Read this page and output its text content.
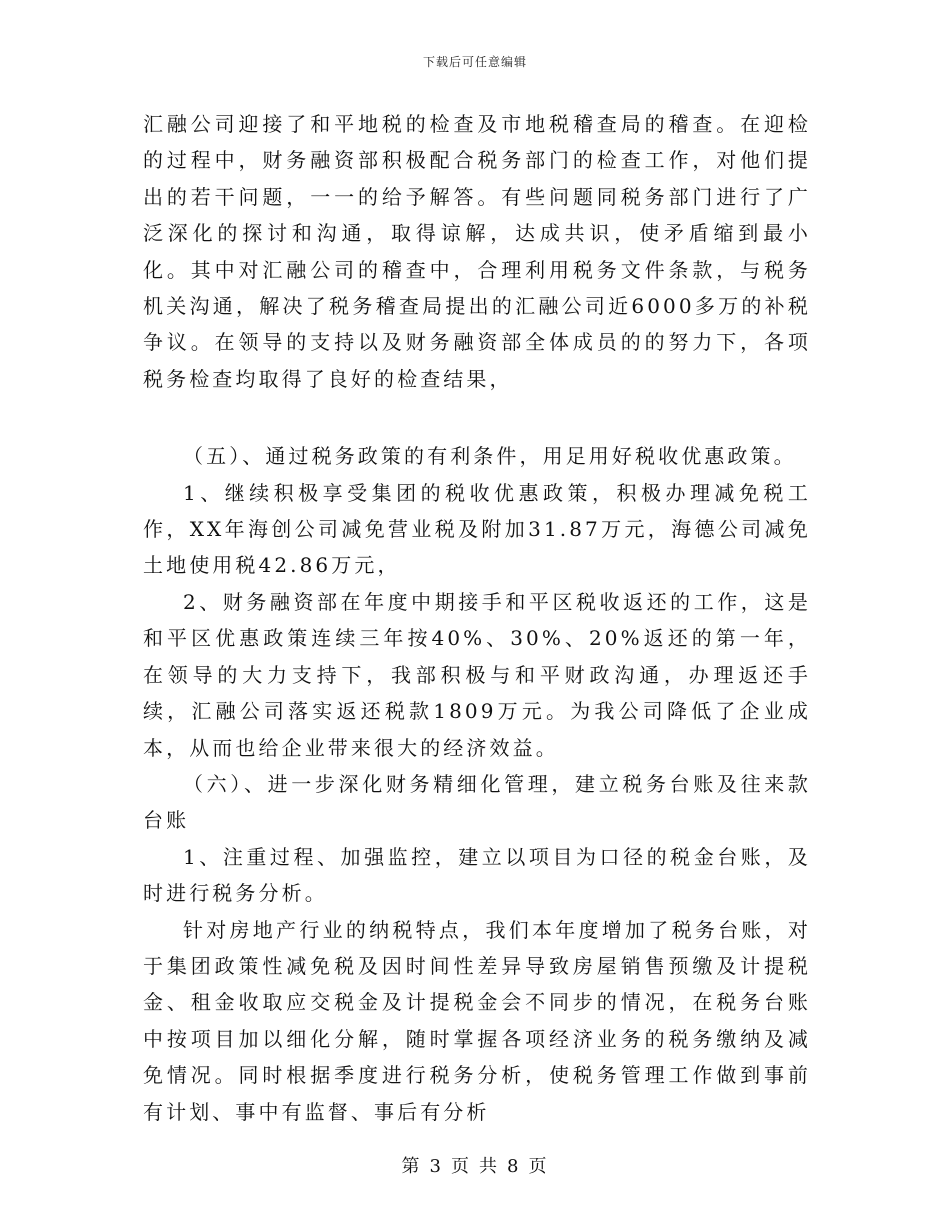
下载后可任意编辑

汇融公司迎接了和平地税的检查及市地税稽查局的稽查。在迎检的过程中，财务融资部积极配合税务部门的检查工作，对他们提出的若干问题，一一的给予解答。有些问题同税务部门进行了广泛深化的探讨和沟通，取得谅解，达成共识，使矛盾缩到最小化。其中对汇融公司的稽查中，合理利用税务文件条款，与税务机关沟通，解决了税务稽查局提出的汇融公司近6000多万的补税争议。在领导的支持以及财务融资部全体成员的的努力下，各项税务检查均取得了良好的检查结果，

（五）、通过税务政策的有利条件，用足用好税收优惠政策。

1、继续积极享受集团的税收优惠政策，积极办理减免税工作，XX年海创公司减免营业税及附加31.87万元，海德公司减免土地使用税42.86万元，

2、财务融资部在年度中期接手和平区税收返还的工作，这是和平区优惠政策连续三年按40%、30%、20%返还的第一年，在领导的大力支持下，我部积极与和平财政沟通，办理返还手续，汇融公司落实返还税款1809万元。为我公司降低了企业成本，从而也给企业带来很大的经济效益。

（六）、进一步深化财务精细化管理，建立税务台账及往来款台账

1、注重过程、加强监控，建立以项目为口径的税金台账，及时进行税务分析。

针对房地产行业的纳税特点，我们本年度增加了税务台账，对于集团政策性减免税及因时间性差异导致房屋销售预缴及计提税金、租金收取应交税金及计提税金会不同步的情况，在税务台账中按项目加以细化分解，随时掌握各项经济业务的税务缴纳及减免情况。同时根据季度进行税务分析，使税务管理工作做到事前有计划、事中有监督、事后有分析

第 3 页 共 8 页
